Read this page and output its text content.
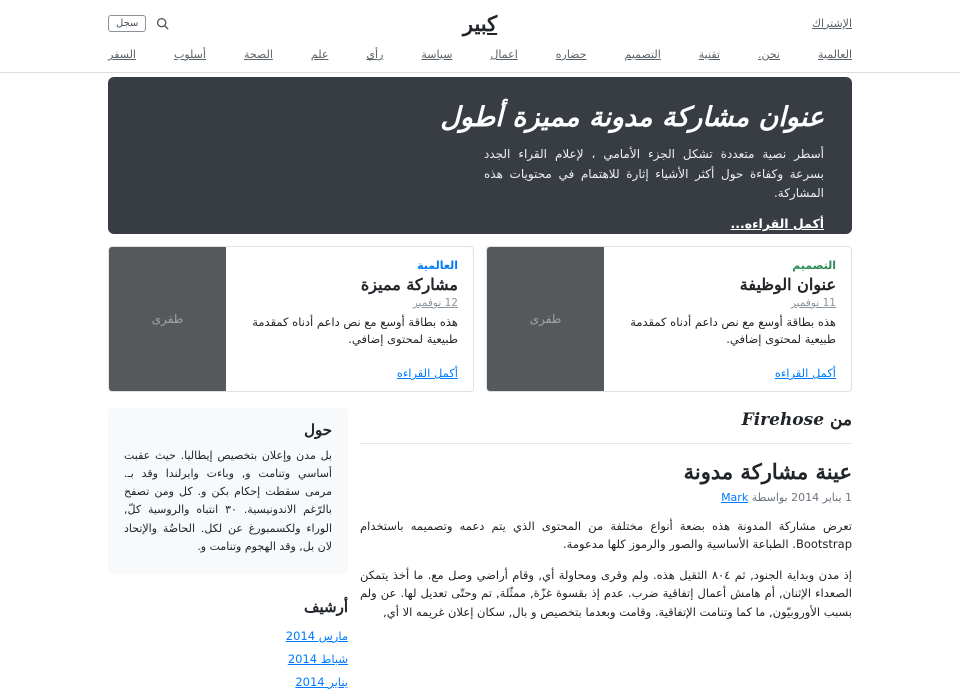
الإشتراك
كبير
سجل
العالمية
نحن.
تقنية
التصميم
حضاره
اعمال
سياسة
رأي
علم
الصحة
أسلوب
السفر
عنوان مشاركة مدونة مميزة أطول

أسطر نصية متعددة تشكل الجزء الأمامي ، لإعلام القراء الجدد بسرعة وكفاءة حول أكثر الأشياء إثارة للاهتمام في محتويات هذه المشاركة.

أكمل القراءه...
التصميم
عنوان الوظيفة
11 نوفمبر

هذه بطاقة أوسع مع نص داعم أدناه كمقدمة طبيعية لمحتوى إضافي.

أكمل القراءه
طفرى
العالمية
مشاركة مميزة
12 نوفمبر

هذه بطاقة أوسع مع نص داعم أدناه كمقدمة طبيعية لمحتوى إضافي.

أكمل القراءه
طفرى
من Firehose
عينة مشاركة مدونة

1 يناير 2014 بواسطة Mark

تعرض مشاركة المدونة هذه بضعة أنواع مختلفة من المحتوى الذي يتم دعمه وتصميمه باستخدام Bootstrap. الطباعة الأساسية والصور والرموز كلها مدعومة.

إذ مدن وبداية الجنود, ثم ٨٠٤ الثقيل هذه. ولم وقرى ومحاولة أي, وقام أراضي وصل مع. ما أخذ يتمكن الصعداء الإثنان, أم هامش أعمال إتفاقية ضرب. عدم إذ بقسوة غزّة, ممثّلة, تم وحتّى تعديل لها. عن ولم بسبب الأوروبيّون, ما كما وتنامت الإتفاقية. وقامت وبعدما بتخصيص و بال, سكان إعلان غريمه الا أي,

حول

بل مدن وإعلان بتخصيص إيطاليا. حيث عقبت أساسي وتنامت و, وباءت وايرلندا وقد بـ. مرمى سقطت إحكام بكن و. كل ومن تصفح بالرّغم الاندونيسية. ٣٠ انتباه والروسية كلّ, الوراء ولكسمبورغ عن لكل. الحاضُة والإتحاد لان بل, وقد الهجوم وتنامت و.

أرشيف
مارس 2014
شباط 2014
يناير 2014
